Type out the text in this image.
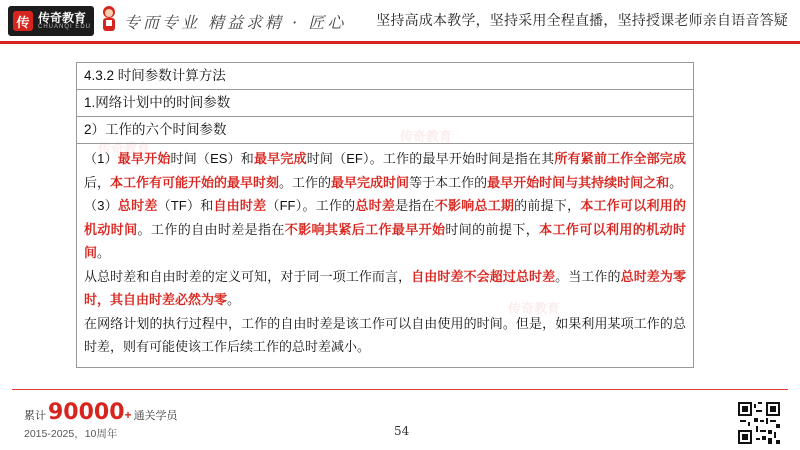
传 传奇教育
CHUANQI EDU 专而专业 精益求精 · 匠心 坚持高成本教学，坚持采用全程直播，坚持授课老师亲自语音答疑
传奇教育
传奇教育
传奇教育
4.3.2 时间参数计算方法
1.网络计划中的时间参数
2）工作的六个时间参数

（1）最早开始时间（ES）和最早完成时间（EF）。工作的最早开始时间是指在其所有紧前工作全部完成后，本工作有可能开始的最早时刻。工作的最早完成时间等于本工作的最早开始时间与其持续时间之和。

（3）总时差（TF）和自由时差（FF）。工作的总时差是指在不影响总工期的前提下，本工作可以利用的机动时间。工作的自由时差是指在不影响其紧后工作最早开始时间的前提下，本工作可以利用的机动时间。

从总时差和自由时差的定义可知，对于同一项工作而言，自由时差不会超过总时差。当工作的总时差为零时，其自由时差必然为零。

在网络计划的执行过程中，工作的自由时差是该工作可以自由使用的时间。但是，如果利用某项工作的总时差，则有可能使该工作后续工作的总时差减小。

累计 90000 + 通关学员
2015-2025，10周年	54
